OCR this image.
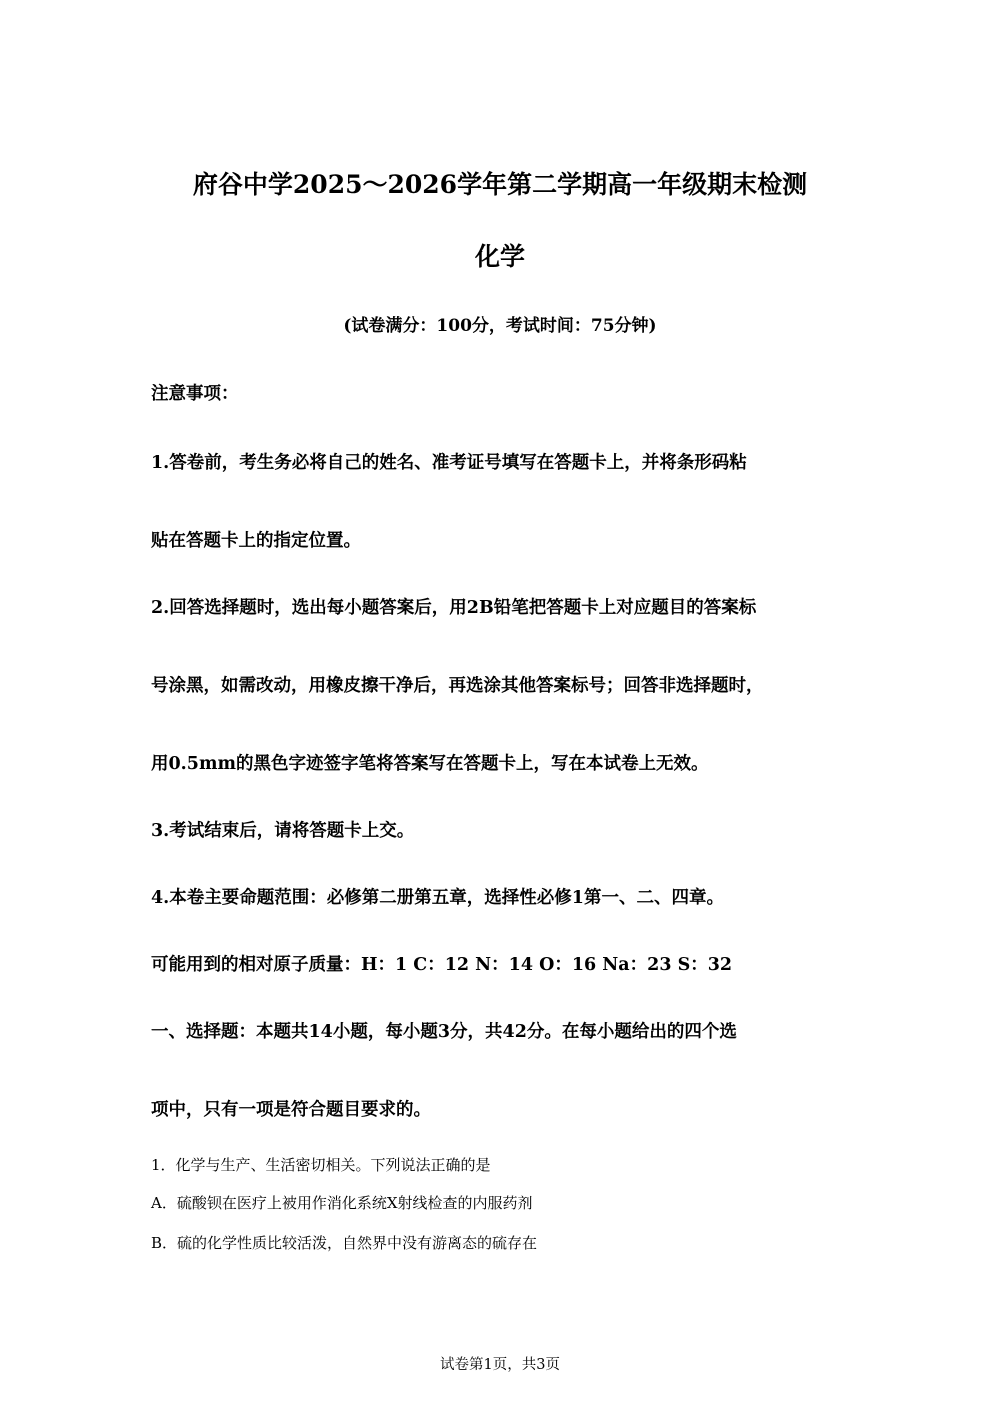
府谷中学2025～2026学年第二学期高一年级期末检测
化学
(试卷满分：100分，考试时间：75分钟)
注意事项：
1.答卷前，考生务必将自己的姓名、准考证号填写在答题卡上，并将条形码粘
贴在答题卡上的指定位置。
2.回答选择题时，选出每小题答案后，用2B铅笔把答题卡上对应题目的答案标
号涂黑，如需改动，用橡皮擦干净后，再选涂其他答案标号；回答非选择题时，
用0.5mm的黑色字迹签字笔将答案写在答题卡上，写在本试卷上无效。
3.考试结束后，请将答题卡上交。
4.本卷主要命题范围：必修第二册第五章，选择性必修1第一、二、四章。
可能用到的相对原子质量：H：1 C：12 N：14 O：16 Na：23 S：32
一、选择题：本题共14小题，每小题3分，共42分。在每小题给出的四个选
项中，只有一项是符合题目要求的。
1．化学与生产、生活密切相关。下列说法正确的是
A．硫酸钡在医疗上被用作消化系统X射线检查的内服药剂
B．硫的化学性质比较活泼，自然界中没有游离态的硫存在
试卷第1页，共3页
